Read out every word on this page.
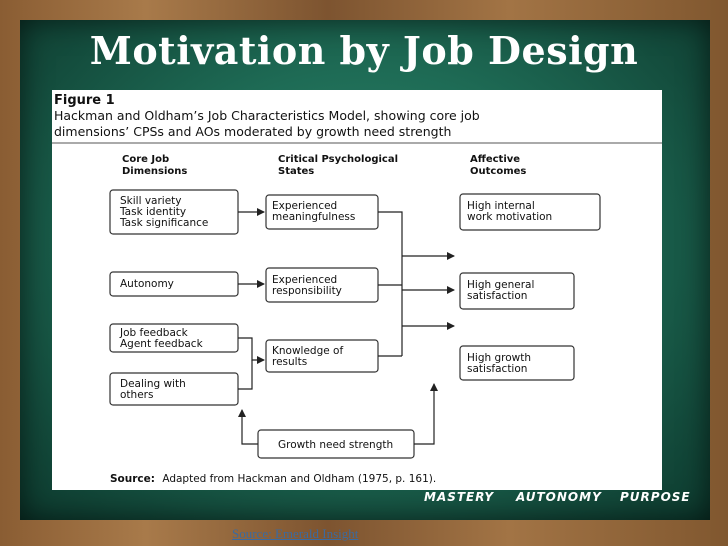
Motivation by Job Design
Figure 1
Hackman and Oldham’s Job Characteristics Model, showing core job
dimensions’ CPSs and AOs moderated by growth need strength
Core Job
Dimensions
Critical Psychological
States
Affective
Outcomes
Skill variety
Task identity
Task significance
Autonomy
Job feedback
Agent feedback
Dealing with
others
Experienced
meaningfulness
Experienced
responsibility
Knowledge of
results
High internal
work motivation
High general
satisfaction
High growth
satisfaction
Growth need strength
Source: Adapted from Hackman and Oldham (1975, p. 161).
MASTERY AUTONOMY PURPOSE
Source: Emerald Insight
